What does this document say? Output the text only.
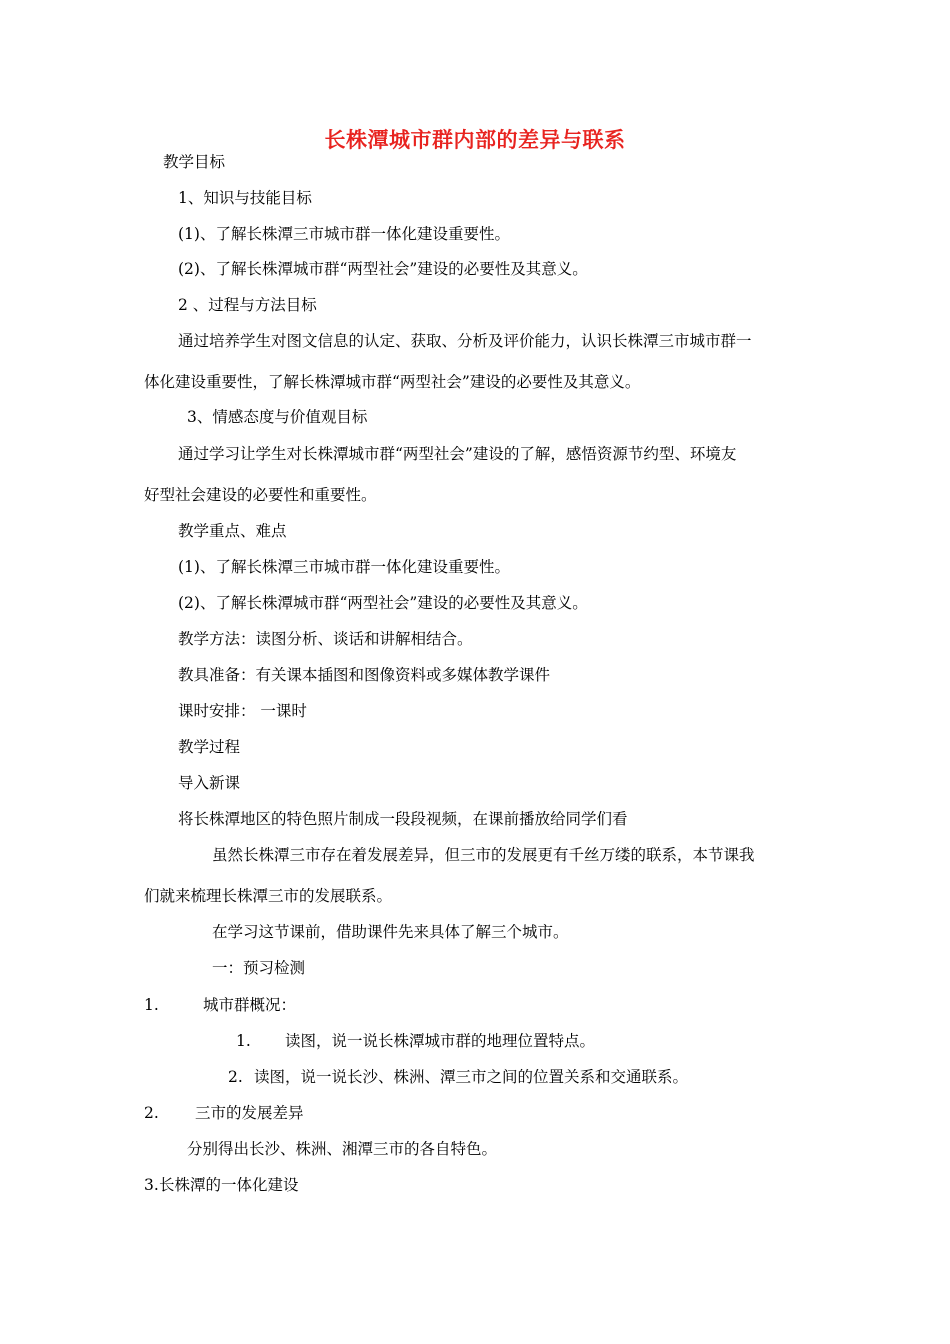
长株潭城市群内部的差异与联系
教学目标
1、知识与技能目标
(1)、了解长株潭三市城市群一体化建设重要性。
(2)、了解长株潭城市群“两型社会”建设的必要性及其意义。
2 、过程与方法目标
通过培养学生对图文信息的认定、获取、分析及评价能力，认识长株潭三市城市群一
体化建设重要性，了解长株潭城市群“两型社会”建设的必要性及其意义。
3、情感态度与价值观目标
通过学习让学生对长株潭城市群“两型社会”建设的了解，感悟资源节约型、环境友
好型社会建设的必要性和重要性。
教学重点、难点
(1)、了解长株潭三市城市群一体化建设重要性。
(2)、了解长株潭城市群“两型社会”建设的必要性及其意义。
教学方法：读图分析、谈话和讲解相结合。
教具准备：有关课本插图和图像资料或多媒体教学课件
课时安排： 一课时
教学过程
导入新课
将长株潭地区的特色照片制成一段段视频，在课前播放给同学们看
虽然长株潭三市存在着发展差异，但三市的发展更有千丝万缕的联系，本节课我
们就来梳理长株潭三市的发展联系。
在学习这节课前，借助课件先来具体了解三个城市。
一：预习检测
1.	城市群概况：
1. 读图，说一说长株潭城市群的地理位置特点。
2. 读图，说一说长沙、株洲、潭三市之间的位置关系和交通联系。
2. 三市的发展差异
分别得出长沙、株洲、湘潭三市的各自特色。
3. 长株潭的一体化建设
